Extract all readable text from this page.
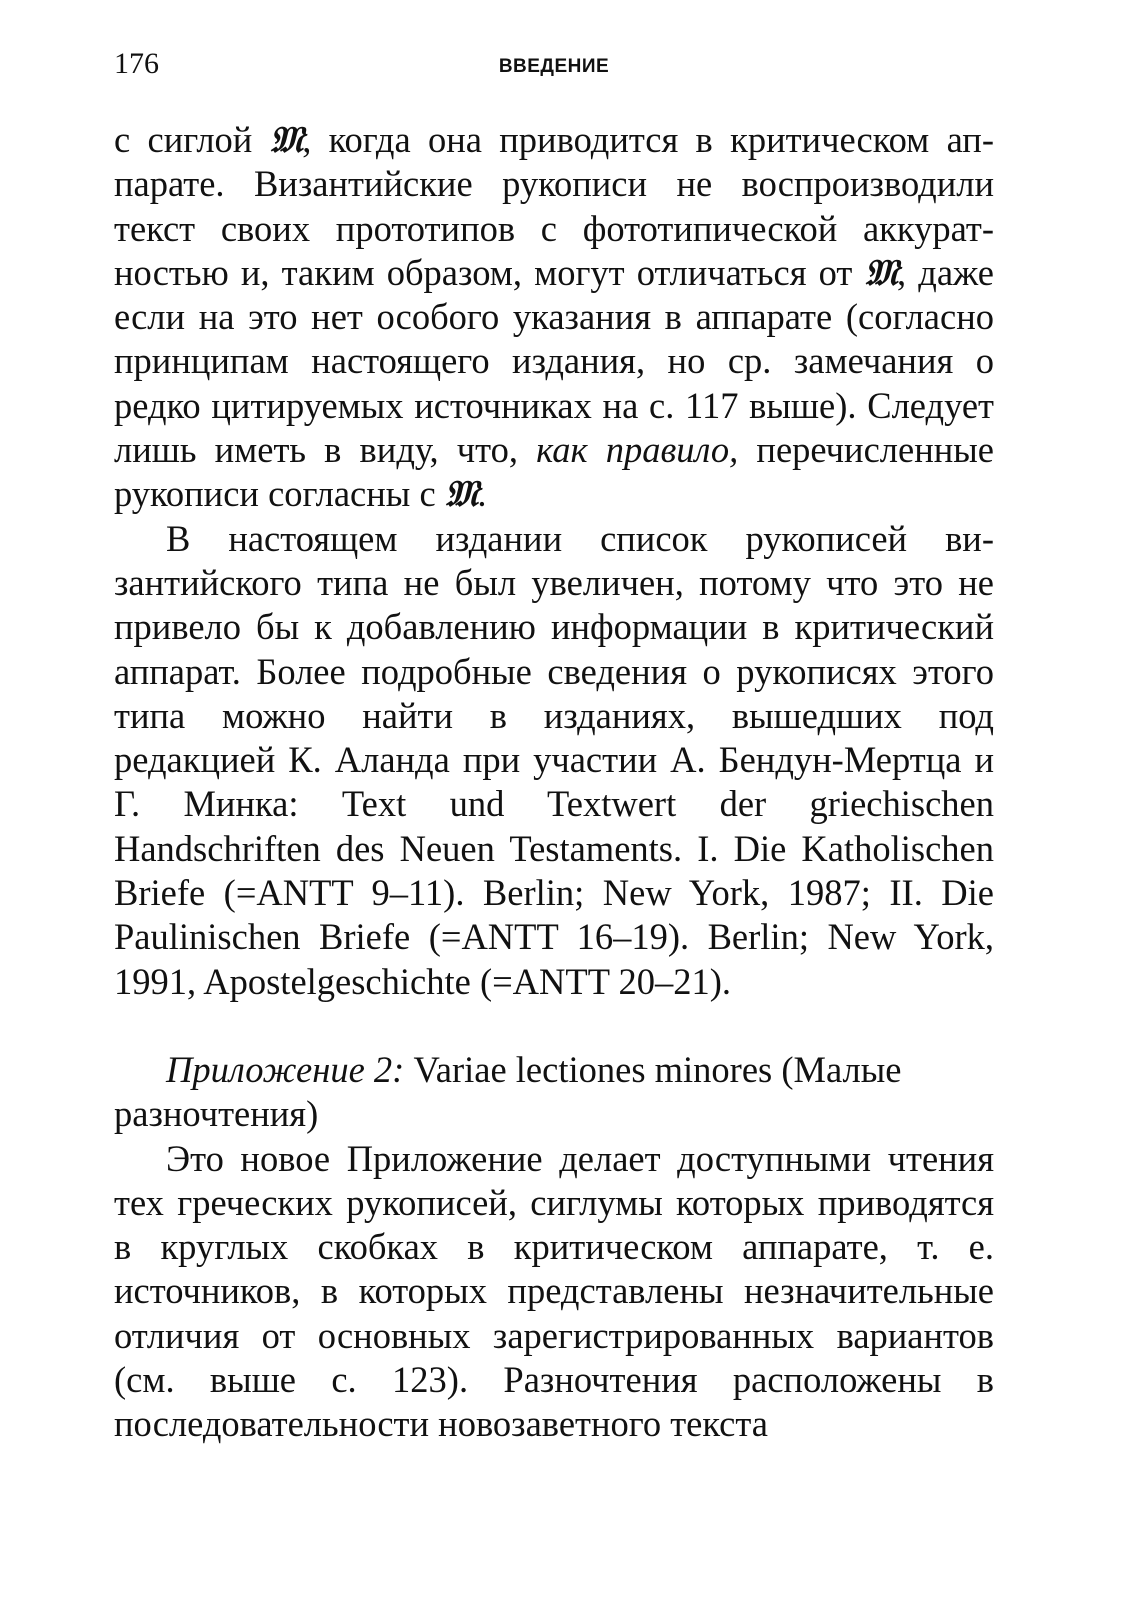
176	ВВЕДЕНИЕ

с сиглой 𝔐, когда она приводится в критическом аппарате. Византийские рукописи не воспроизводили текст своих прототипов с фототипической аккуратностью и, таким образом, могут отличаться от 𝔐, даже если на это нет особого указания в аппарате (согласно принципам настоящего издания, но ср. замечания о редко цитируемых источниках на с. 117 выше). Следует лишь иметь в виду, что, как правило, перечисленные рукописи согласны с 𝔐.

В настоящем издании список рукописей византийского типа не был увеличен, потому что это не привело бы к добавлению информации в критический аппарат. Более подробные сведения о рукописях этого типа можно найти в изданиях, вышедших под редакцией К. Аланда при участии А. Бендун-Мертца и Г. Минка: Text und Textwert der griechischen Handschriften des Neuen Testaments. I. Die Katholischen Briefe (=ANTT 9–11). Berlin; New York, 1987; II. Die Paulinischen Briefe (=ANTT 16–19). Berlin; New York, 1991, Apostelgeschichte (=ANTT 20–21).

Приложение 2: Variae lectiones minores (Малые разночтения)

Это новое Приложение делает доступными чтения тех греческих рукописей, сиглумы которых приводятся в круглых скобках в критическом аппарате, т. е. источников, в которых представлены незначительные отличия от основных зарегистрированных вариантов (см. выше с. 123). Разночтения расположены в последовательности новозаветного текста
